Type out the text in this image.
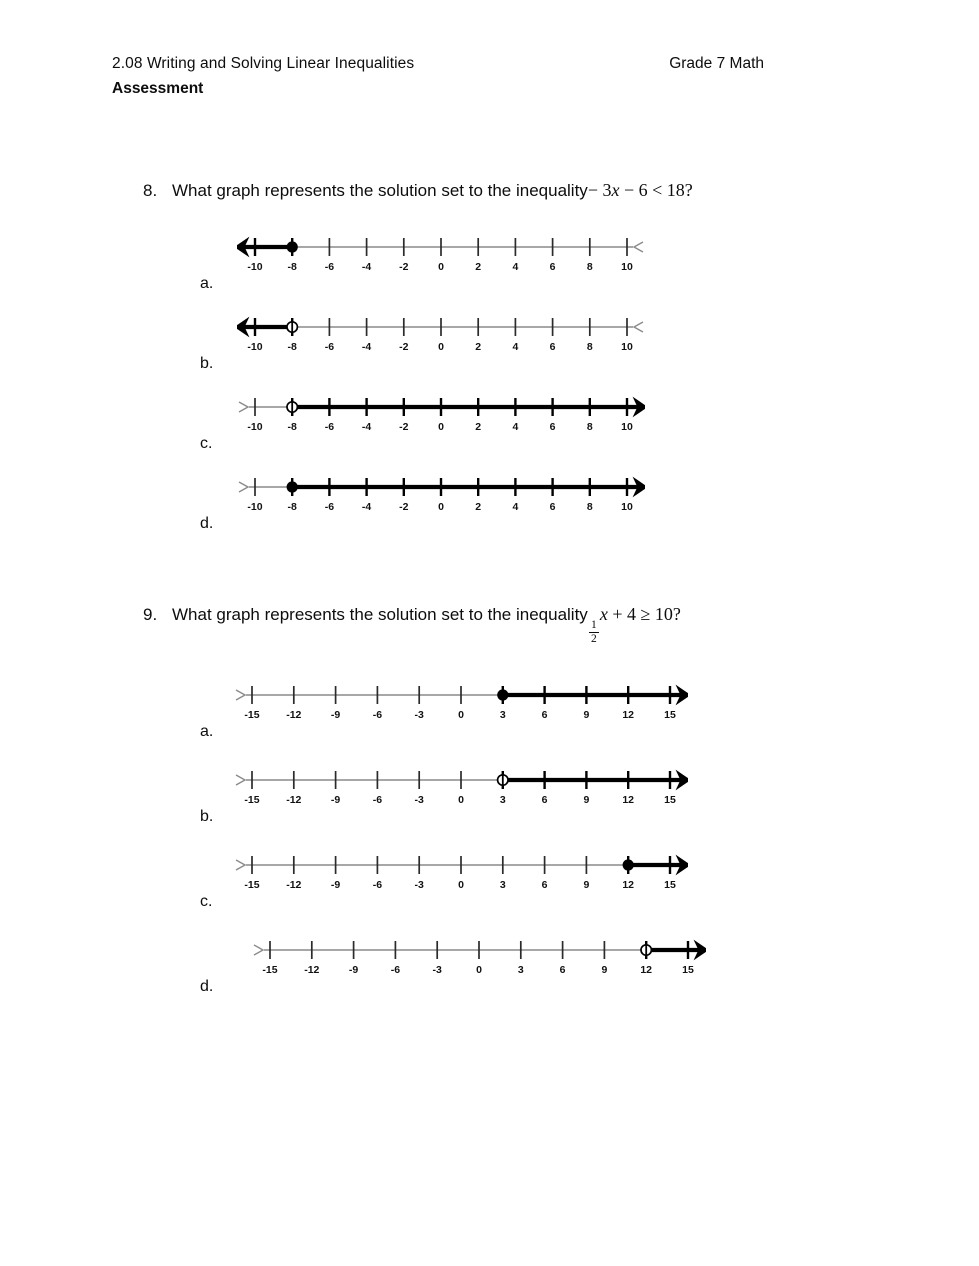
2.08 Writing and Solving Linear Inequalities	Grade 7 Math
Assessment
8. What graph represents the solution set to the inequality − 3x − 6 < 18?
a.
-10 -8	-6	-4	-2	0	2	4	6	8	10
b.
-10 -8	-6	-4	-2	0	2	4	6	8	10
c.
-10 -8	-6	-4	-2	0	2	4	6	8	10
d.
-10 -8	-6	-4	-2	0	2	4	6	8	10
9. What graph represents the solution set to the inequality
$\frac{1}{2}$
x + 4 ≥ 10?
a.
-15	-12	-9	-6	-3	0	3	6	9	12	15
b.
-15	-12	-9	-6	-3	0	3	6	9	12	15
c.
-15	-12	-9	-6	-3	0	3	6	9	12	15
d.
-15	-12	-9	-6	-3	0	3	6	9	12	15
